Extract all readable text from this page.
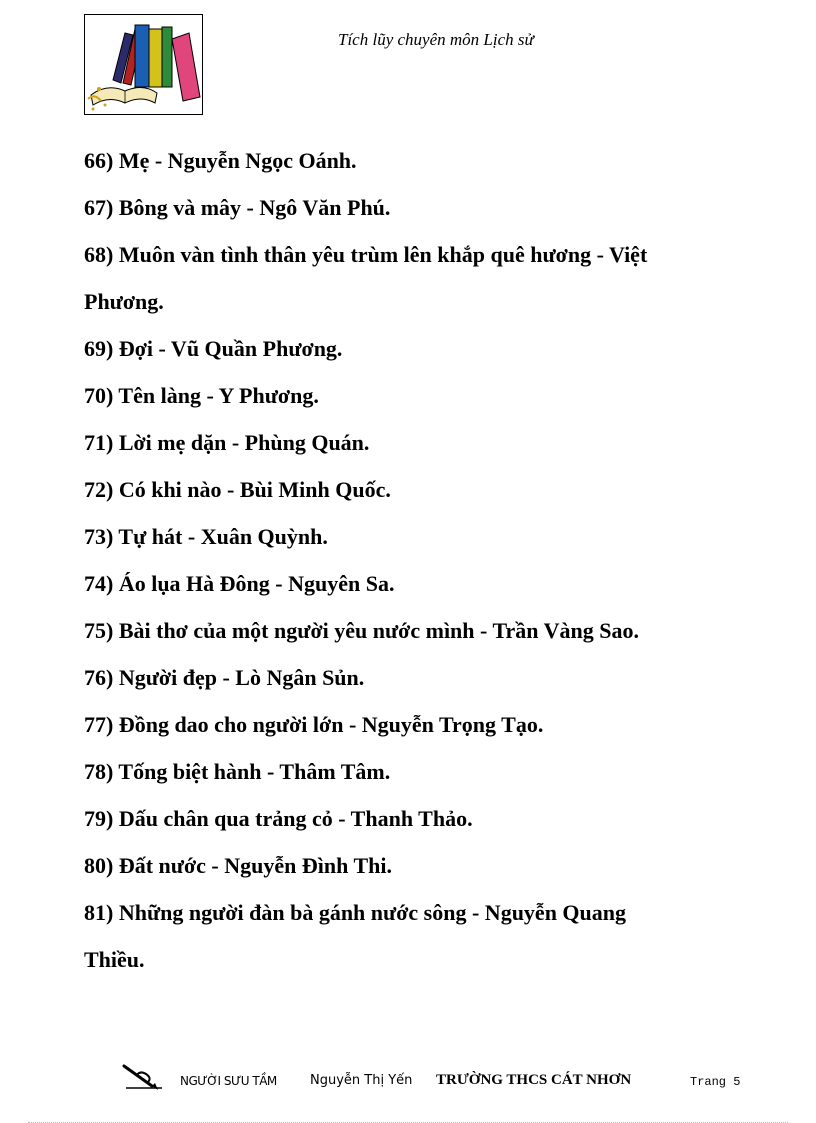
Tích lũy chuyên môn Lịch sử
66) Mẹ - Nguyễn Ngọc Oánh.
67) Bông và mây - Ngô Văn Phú.
68) Muôn vàn tình thân yêu trùm lên khắp quê hương - Việt
Phương.
69) Đợi - Vũ Quần Phương.
70) Tên làng - Y Phương.
71) Lời mẹ dặn - Phùng Quán.
72) Có khi nào - Bùi Minh Quốc.
73) Tự hát - Xuân Quỳnh.
74) Áo lụa Hà Đông - Nguyên Sa.
75) Bài thơ của một người yêu nước mình - Trần Vàng Sao.
76) Người đẹp - Lò Ngân Sủn.
77) Đồng dao cho người lớn - Nguyễn Trọng Tạo.
78) Tống biệt hành - Thâm Tâm.
79) Dấu chân qua trảng cỏ - Thanh Thảo.
80) Đất nước - Nguyễn Đình Thi.
81) Những người đàn bà gánh nước sông - Nguyễn Quang
Thiều.
NGƯỜI SƯU TẦM	Nguyễn Thị Yến TRƯỜNG THCS CÁT NHƠN	Trang 5
